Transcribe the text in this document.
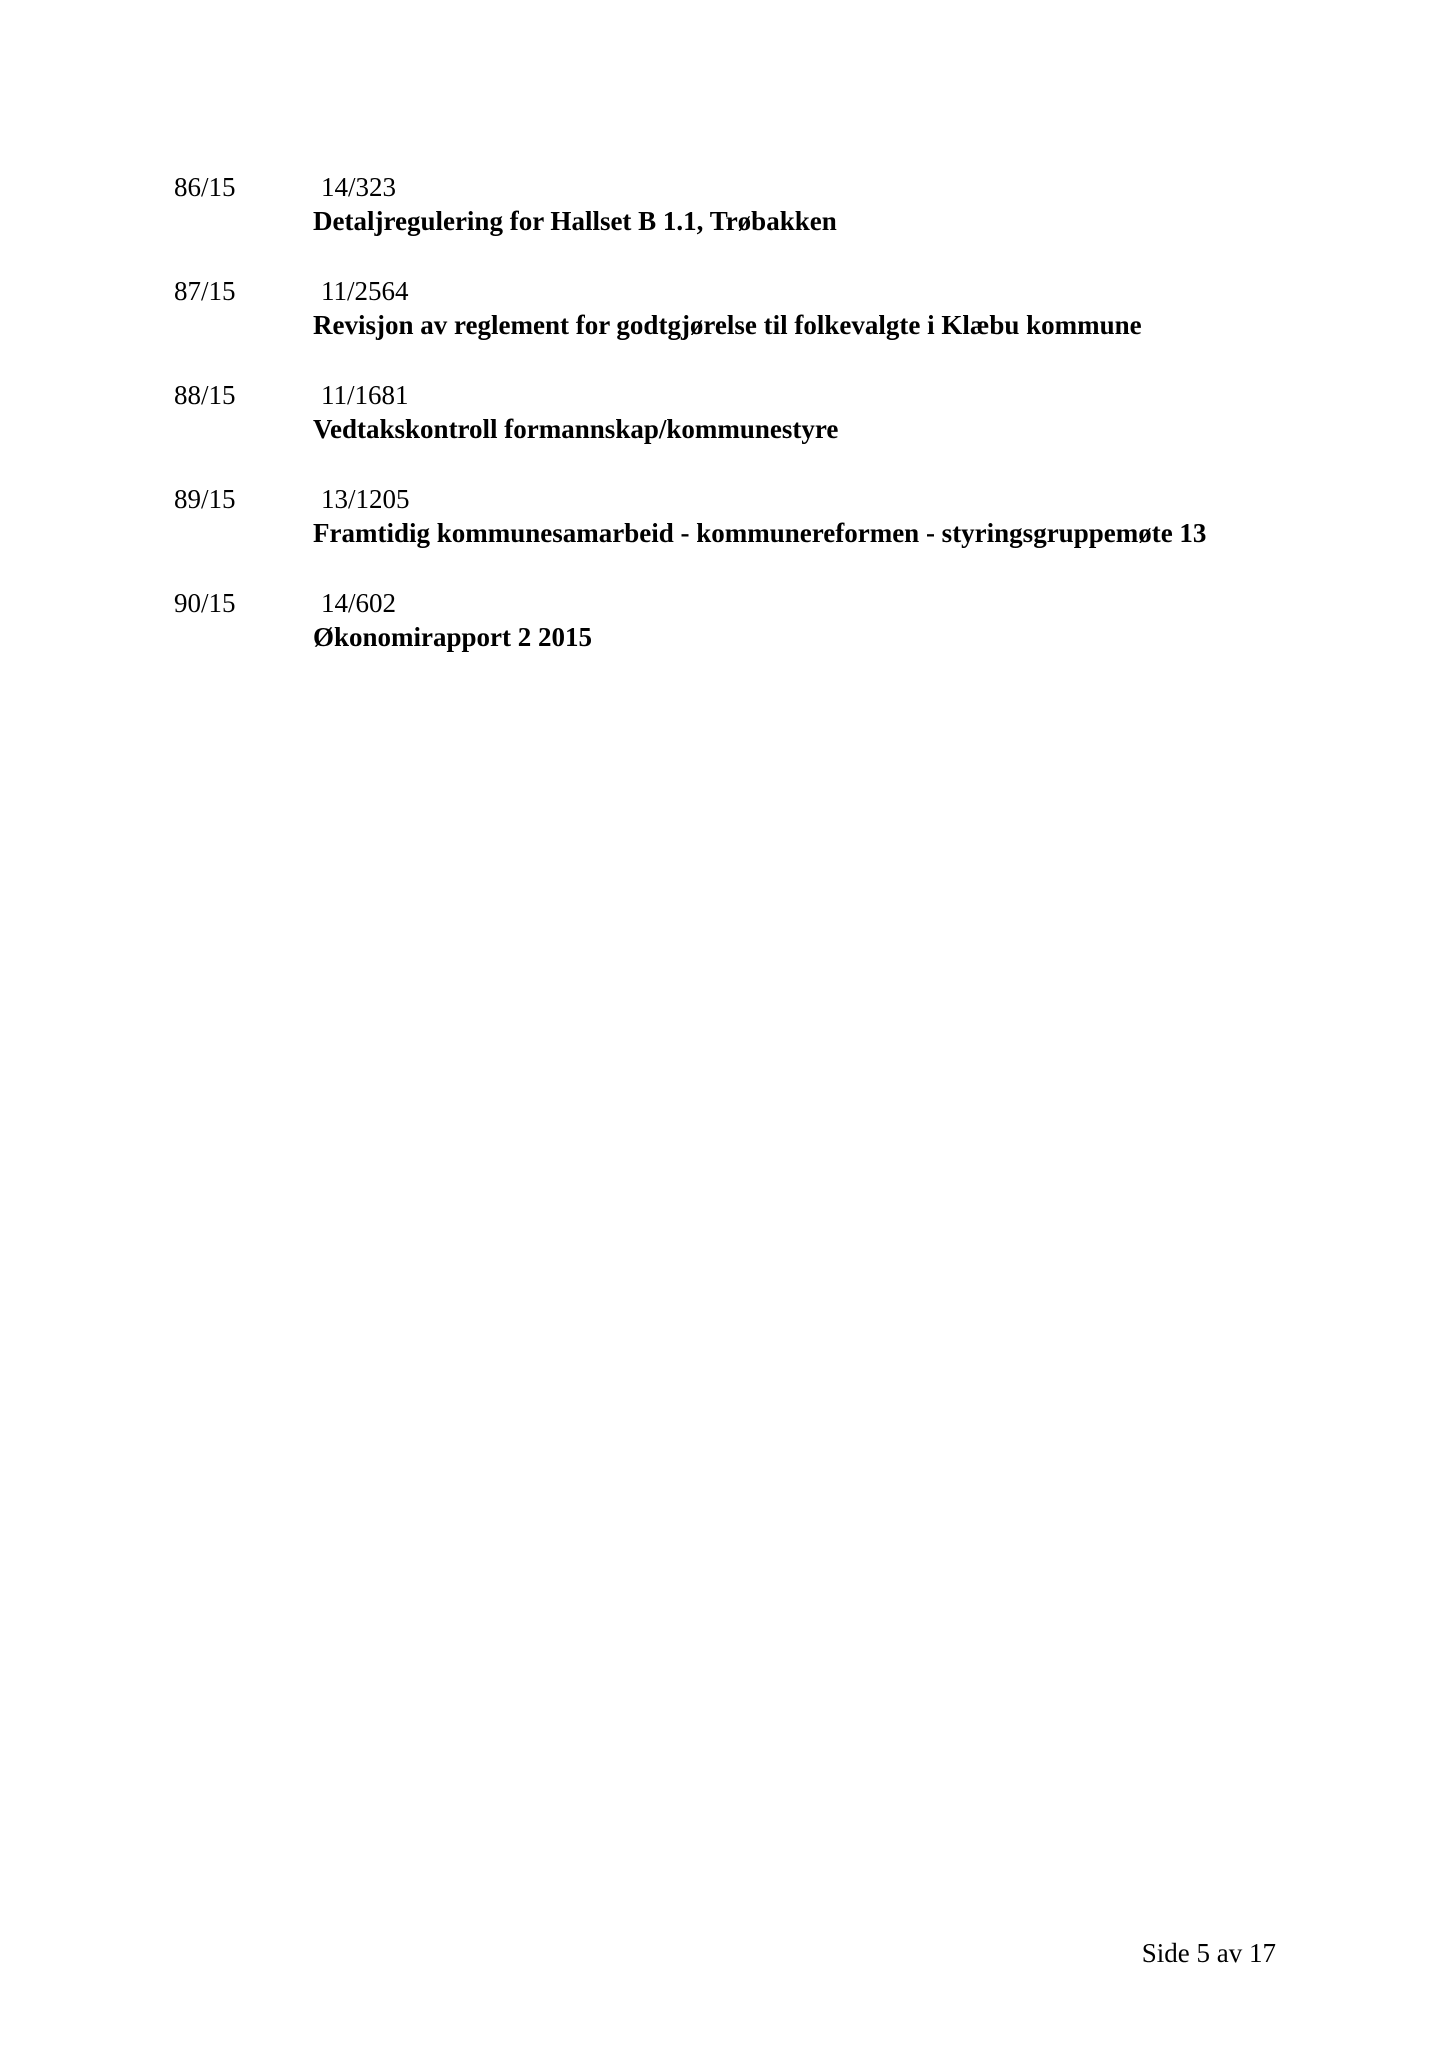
86/15	14/323
Detaljregulering for Hallset B 1.1, Trøbakken
87/15	11/2564
Revisjon av reglement for godtgjørelse til folkevalgte i Klæbu kommune
88/15	11/1681
Vedtakskontroll formannskap/kommunestyre
89/15	13/1205
Framtidig kommunesamarbeid - kommunereformen - styringsgruppemøte 13
90/15	14/602
Økonomirapport 2 2015
Side 5 av 17
